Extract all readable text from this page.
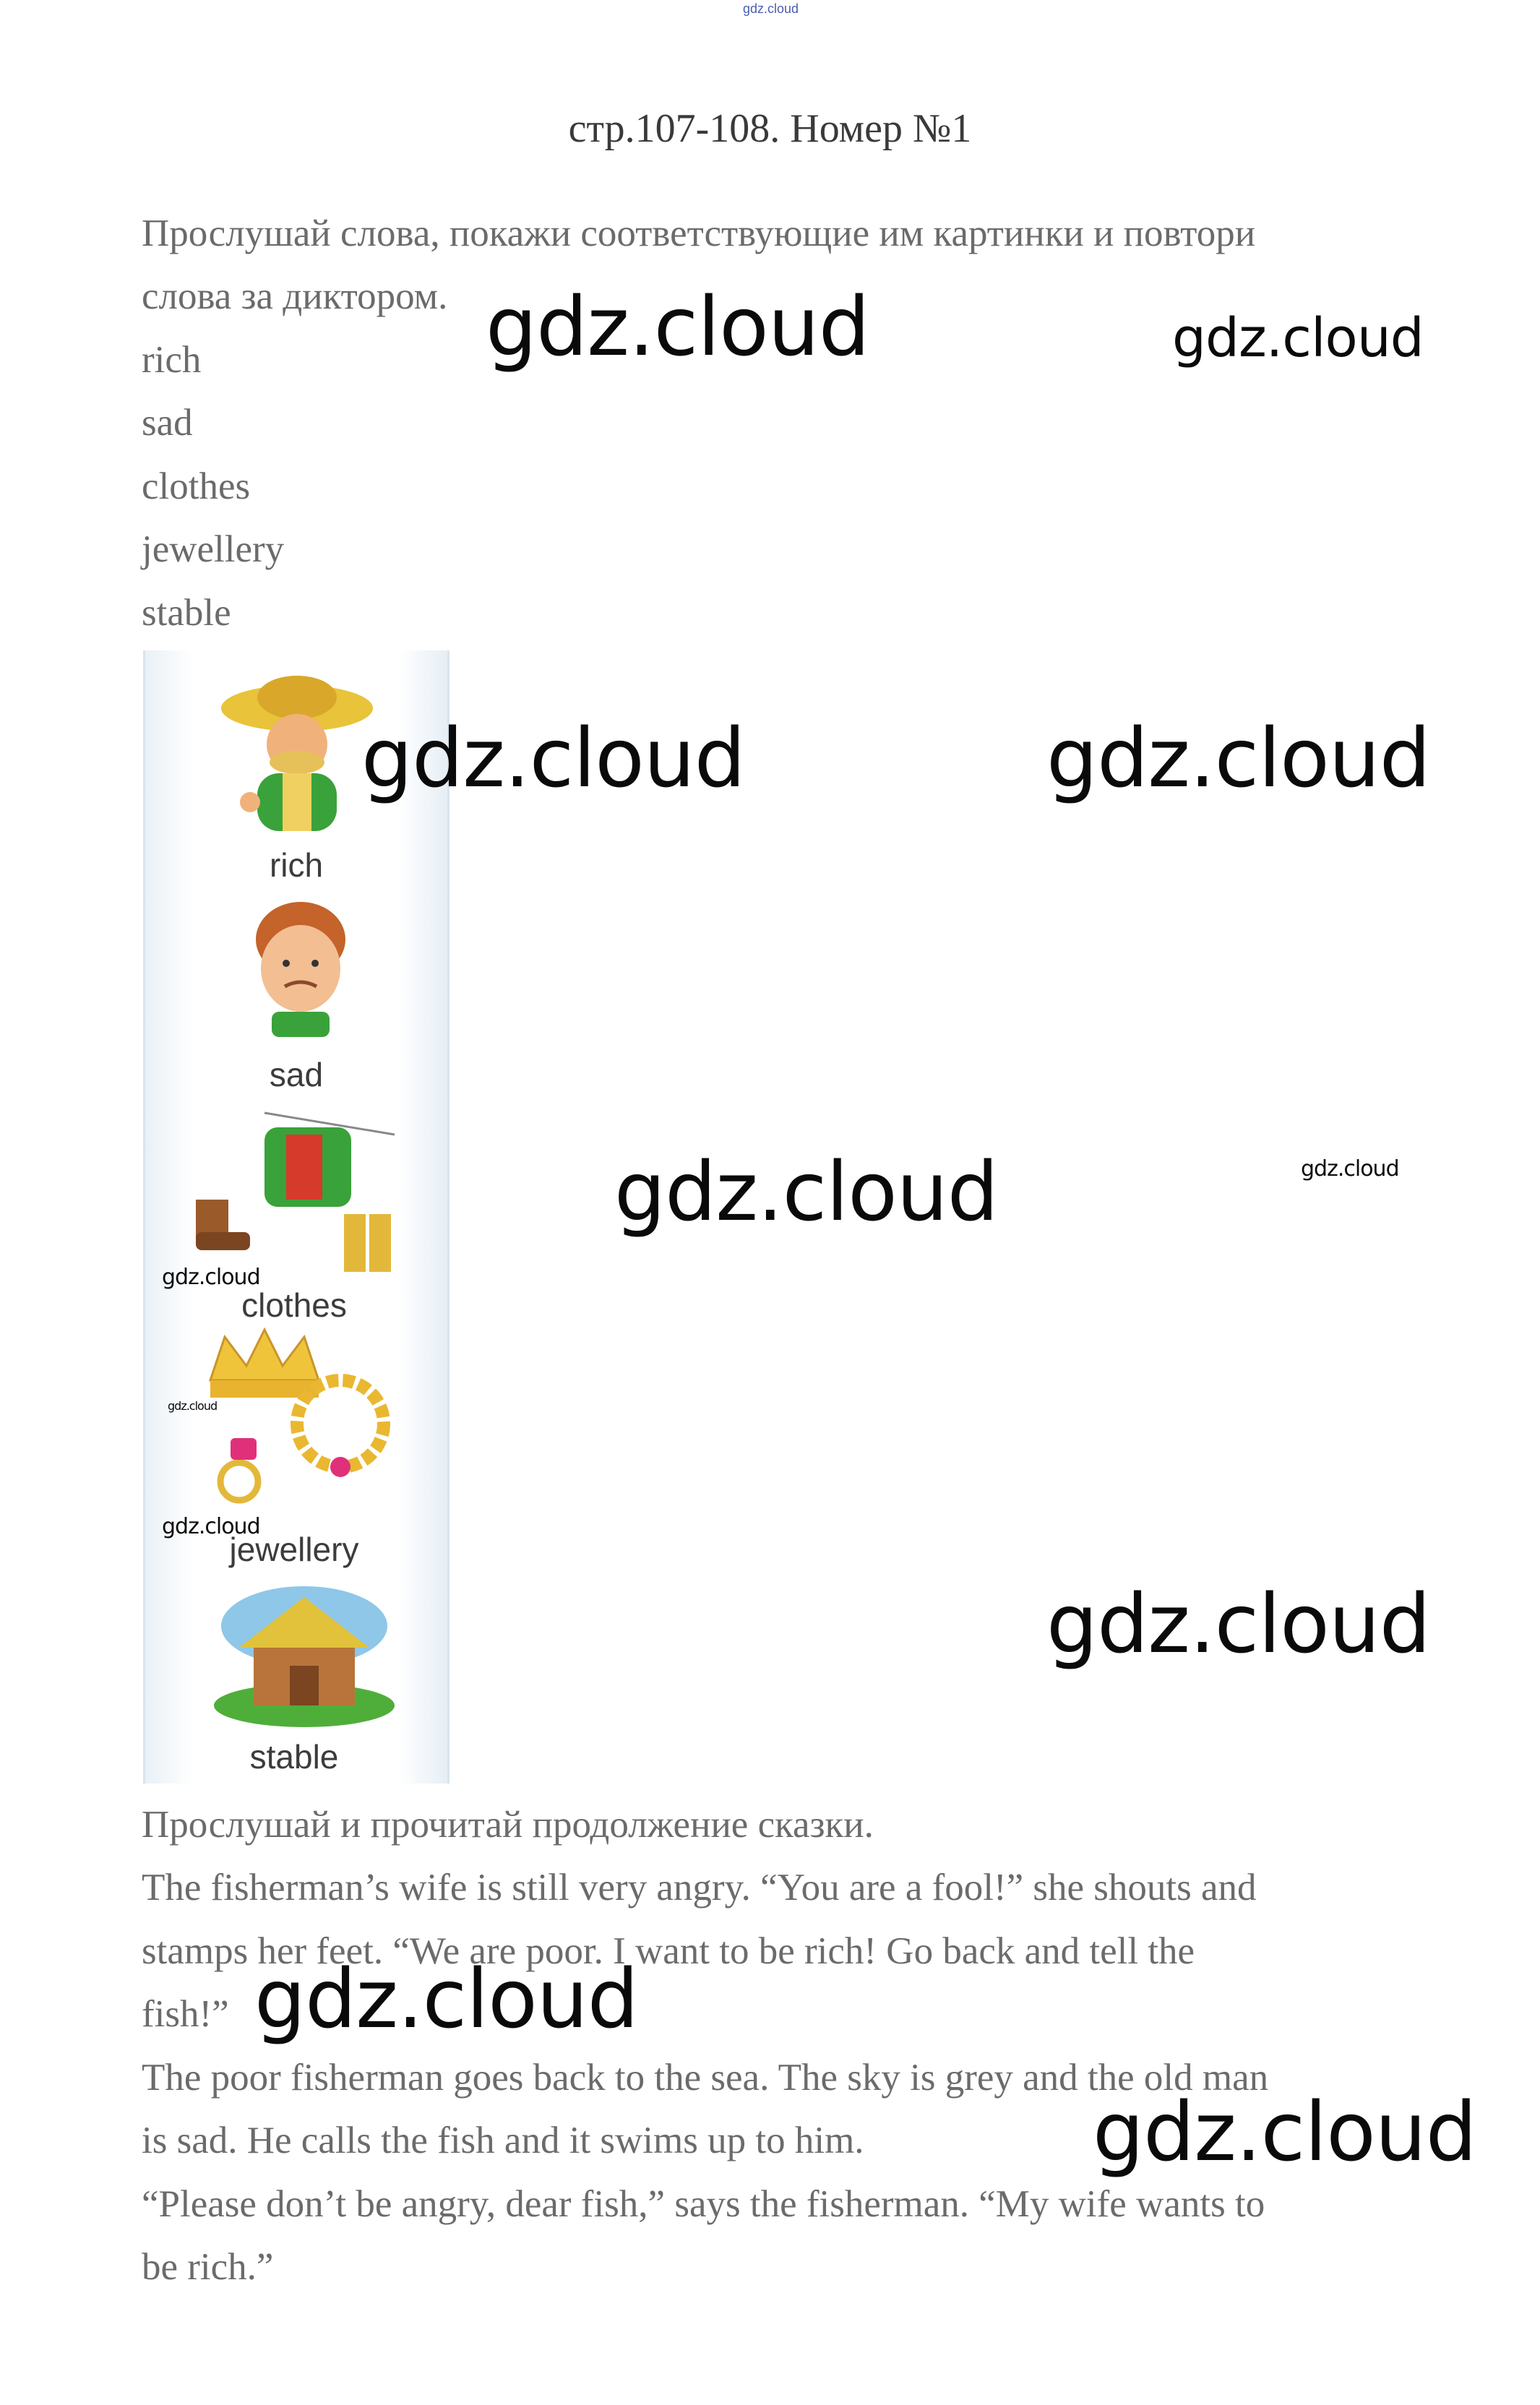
gdz.cloud
стр.107-108. Номер №1
Прослушай слова, покажи соответствующие им картинки и повтори
слова за диктором.
rich
sad
clothes
jewellery
stable
rich
sad
clothes
jewellery
stable
Прослушай и прочитай продолжение сказки.
The fisherman’s wife is still very angry. “You are a fool!” she shouts and
stamps her feet. “We are poor. I want to be rich! Go back and tell the
fish!”
The poor fisherman goes back to the sea. The sky is grey and the old man
is sad. He calls the fish and it swims up to him.
“Please don’t be angry, dear fish,” says the fisherman. “My wife wants to
be rich.”
gdz.cloud	gdz.cloud
gdz.cloud	gdz.cloud
gdz.cloud	gdz.cloud
gdz.cloud
gdz.cloud
gdz.cloud
gdz.cloud
gdz.cloud
gdz.cloud
